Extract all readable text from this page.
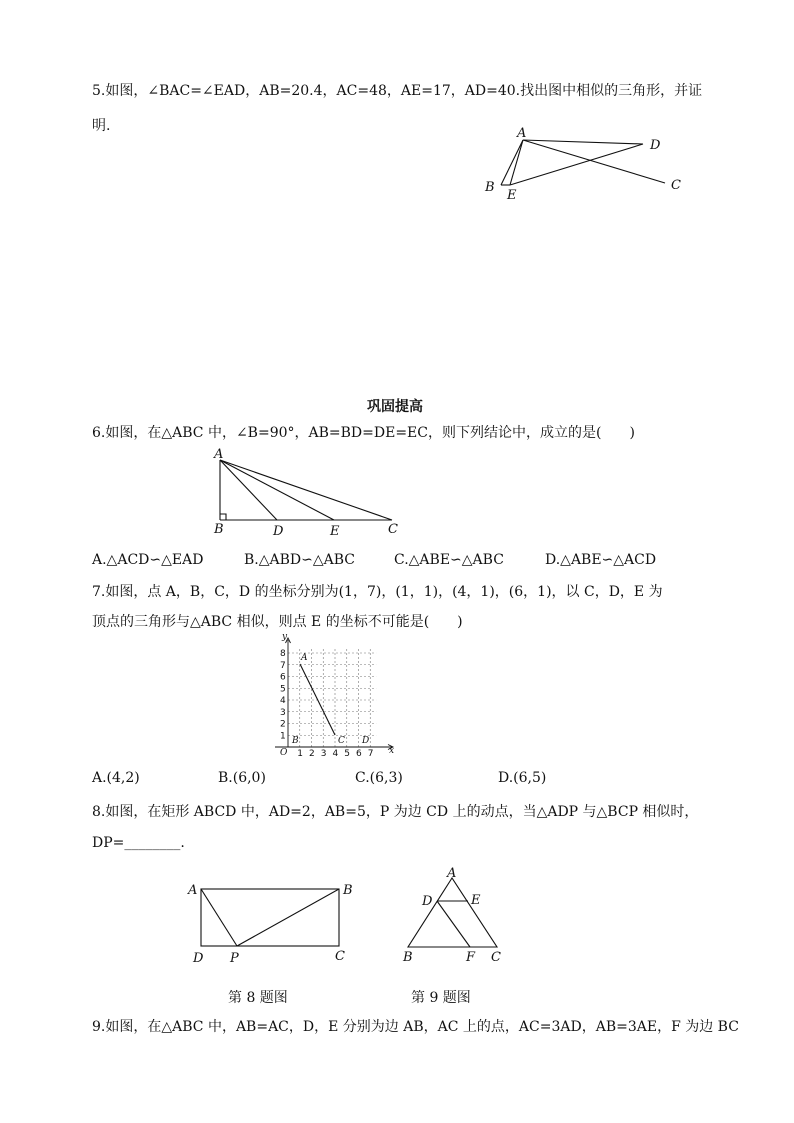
5.如图，∠BAC=∠EAD，AB=20.4，AC=48，AE=17，AD=40.找出图中相似的三角形，并证
明.	A
B
E
C
D
巩固提高
6.如图，在△ABC 中，∠B=90°，AB=BD=DE=EC，则下列结论中，成立的是(　　)
A
B	D	E	C
A.△ACD∽△EAD	B.△ABD∽△ABC	C.△ABE∽△ABC	D.△ABE∽△ACD
7.如图，点 A，B，C，D 的坐标分别为(1，7)，(1，1)，(4，1)，(6，1)，以 C，D，E 为
顶点的三角形与△ABC 相似，则点 E 的坐标不可能是(　　)
y
x
O
1
2
3
4
5
6
7
8
1 2 3 4 5 6 7
A
B	C D
A.(4,2)	B.(6,0)	C.(6,3)	D.(6,5)
8.如图，在矩形 ABCD 中，AD=2，AB=5，P 为边 CD 上的动点，当△ADP 与△BCP 相似时，
DP=________.
A	B
D P	C
A
D	E
B	F C
第 8 题图	第 9 题图
9.如图，在△ABC 中，AB=AC，D，E 分别为边 AB，AC 上的点，AC=3AD，AB=3AE，F 为边 BC
